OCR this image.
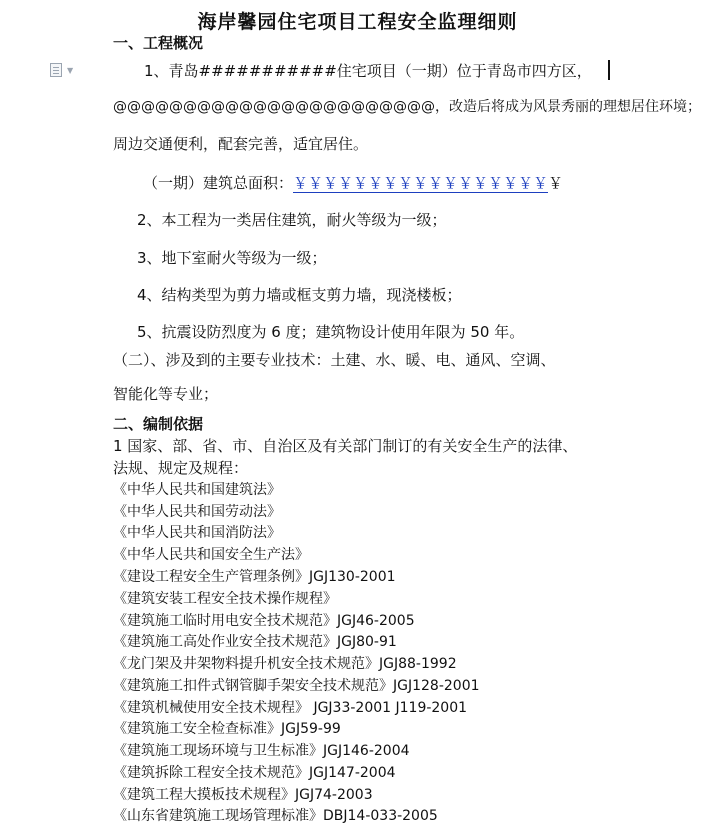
海岸馨园住宅项目工程安全监理细则
▼
一、工程概况
1、青岛###########住宅项目（一期）位于青岛市四方区，
@@@@@@@@@@@@@@@@@@@@@@@，改造后将成为风景秀丽的理想居住环境；
周边交通便利，配套完善，适宜居住。
（一期）建筑总面积：￥￥￥￥￥￥￥￥￥￥￥￥￥￥￥￥￥￥
2、本工程为一类居住建筑，耐火等级为一级；
3、地下室耐火等级为一级；
4、结构类型为剪力墙或框支剪力墙，现浇楼板；
5、抗震设防烈度为 6 度；建筑物设计使用年限为 50 年。
（二）、涉及到的主要专业技术：土建、水、暖、电、通风、空调、
智能化等专业；
二、编制依据
1 国家、部、省、市、自治区及有关部门制订的有关安全生产的法律、
法规、规定及规程：
《中华人民共和国建筑法》
《中华人民共和国劳动法》
《中华人民共和国消防法》
《中华人民共和国安全生产法》
《建设工程安全生产管理条例》JGJ130-2001
《建筑安装工程安全技术操作规程》
《建筑施工临时用电安全技术规范》JGJ46-2005
《建筑施工高处作业安全技术规范》JGJ80-91
《龙门架及井架物料提升机安全技术规范》JGJ88-1992
《建筑施工扣件式钢管脚手架安全技术规范》JGJ128-2001
《建筑机械使用安全技术规程》 JGJ33-2001 J119-2001
《建筑施工安全检查标准》JGJ59-99
《建筑施工现场环境与卫生标准》JGJ146-2004
《建筑拆除工程安全技术规范》JGJ147-2004
《建筑工程大摸板技术规程》JGJ74-2003
《山东省建筑施工现场管理标准》DBJ14-033-2005
